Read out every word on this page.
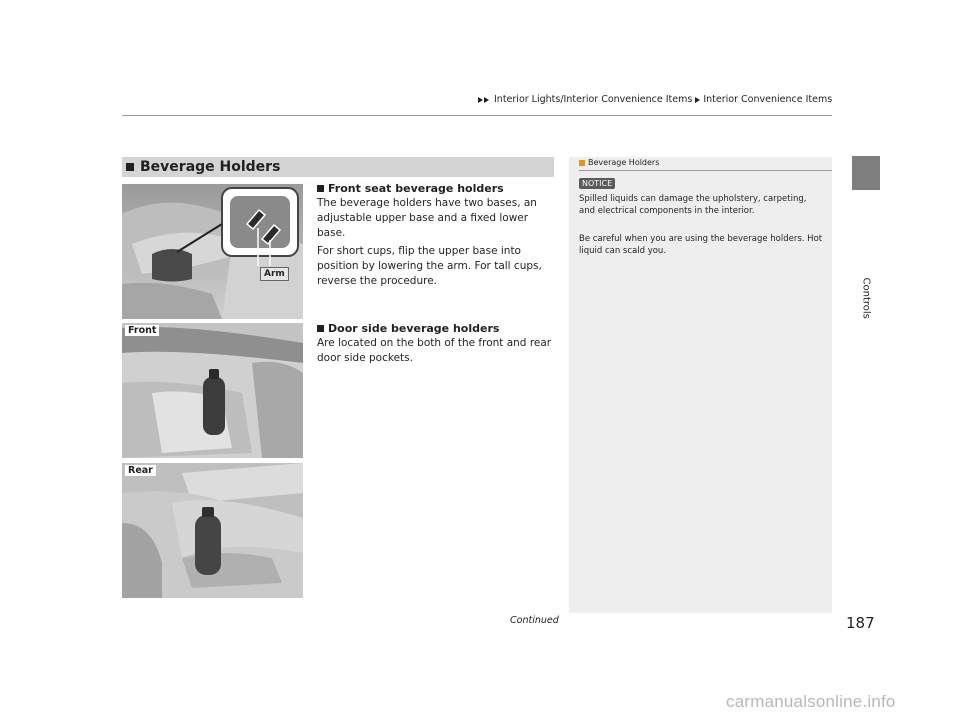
Interior Lights/Interior Convenience Items Interior Convenience Items
Controls
Beverage Holders
Arm
Front
Rear
Front seat beverage holders
The beverage holders have two bases, an adjustable upper base and a fixed lower base.
For short cups, flip the upper base into position by lowering the arm. For tall cups, reverse the procedure.
Door side beverage holders
Are located on the both of the front and rear door side pockets.
Beverage Holders
NOTICE
Spilled liquids can damage the upholstery, carpeting, and electrical components in the interior.
Be careful when you are using the beverage holders. Hot liquid can scald you.
Continued	187
carmanualsonline.info
